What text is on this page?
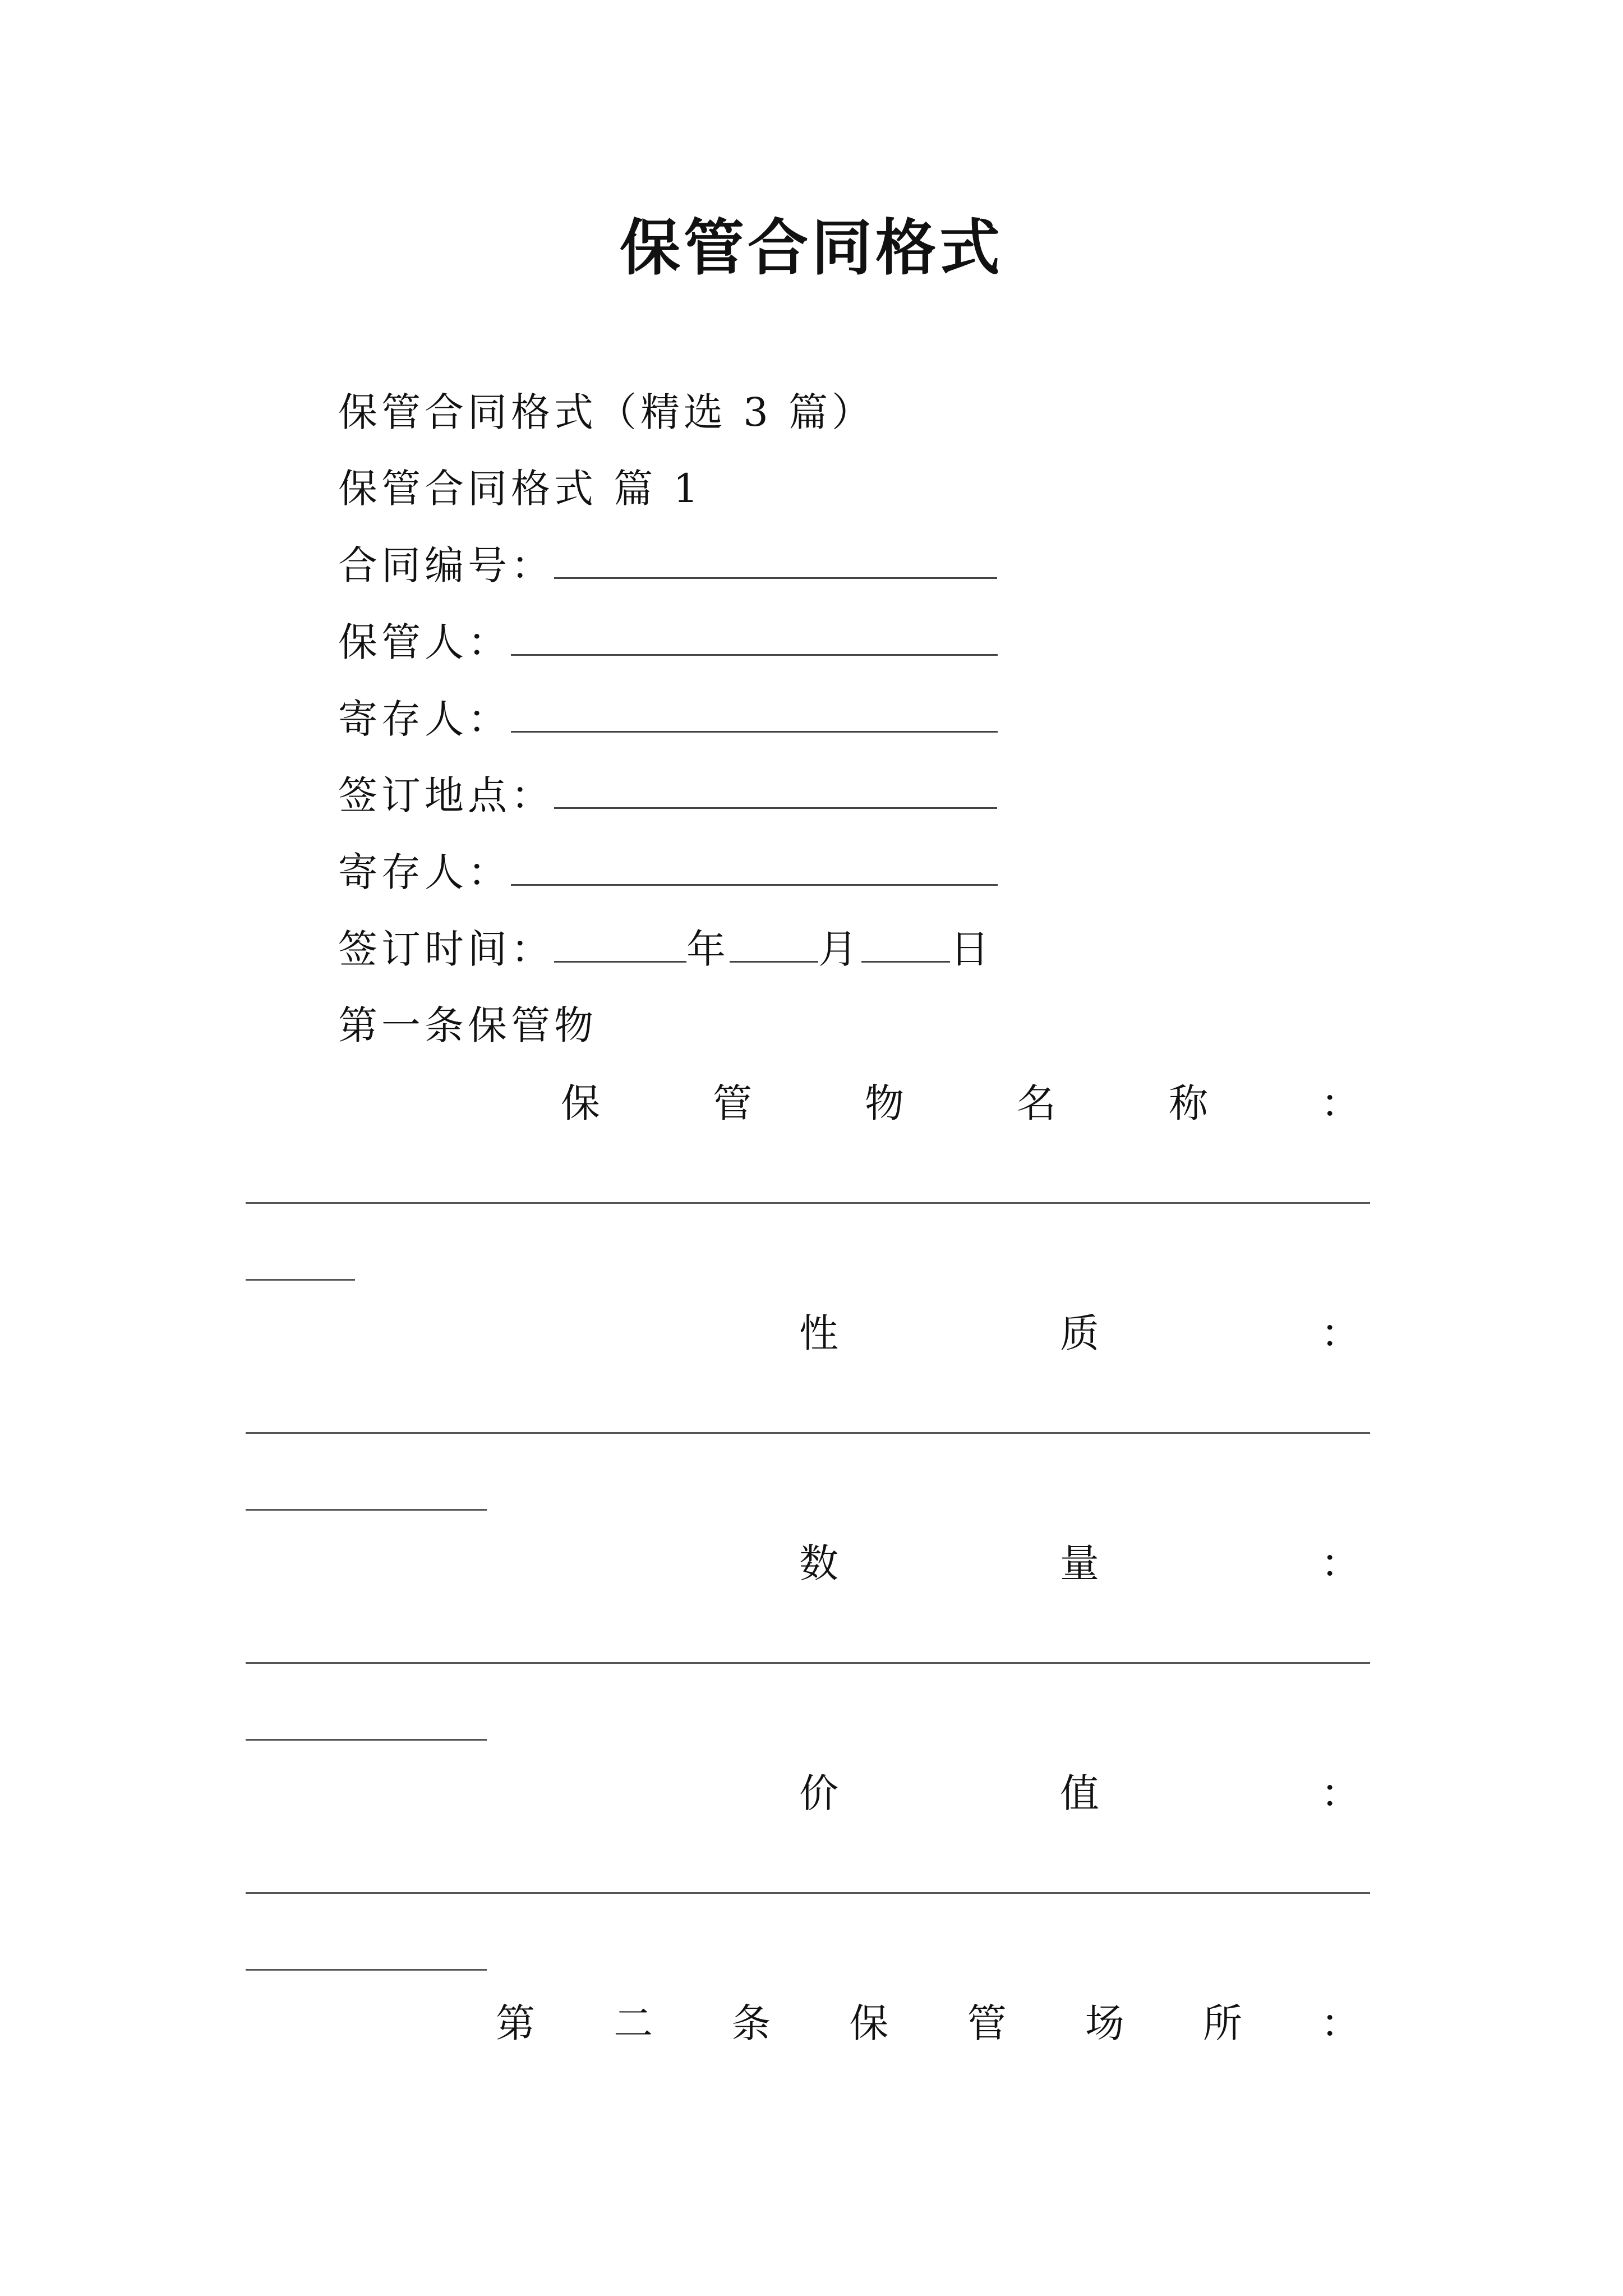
保管合同格式
保管合同格式（精选 3 篇）
保管合同格式 篇 1
合同编号：
保管人：
寄存人：
签订地点：
寄存人：
签订时间：	年 月 日
第一条保管物
保	管	物	名	称	：
性	质	：
数	量	：
价	值	：
第 二 条 保 管 场 所 ：
